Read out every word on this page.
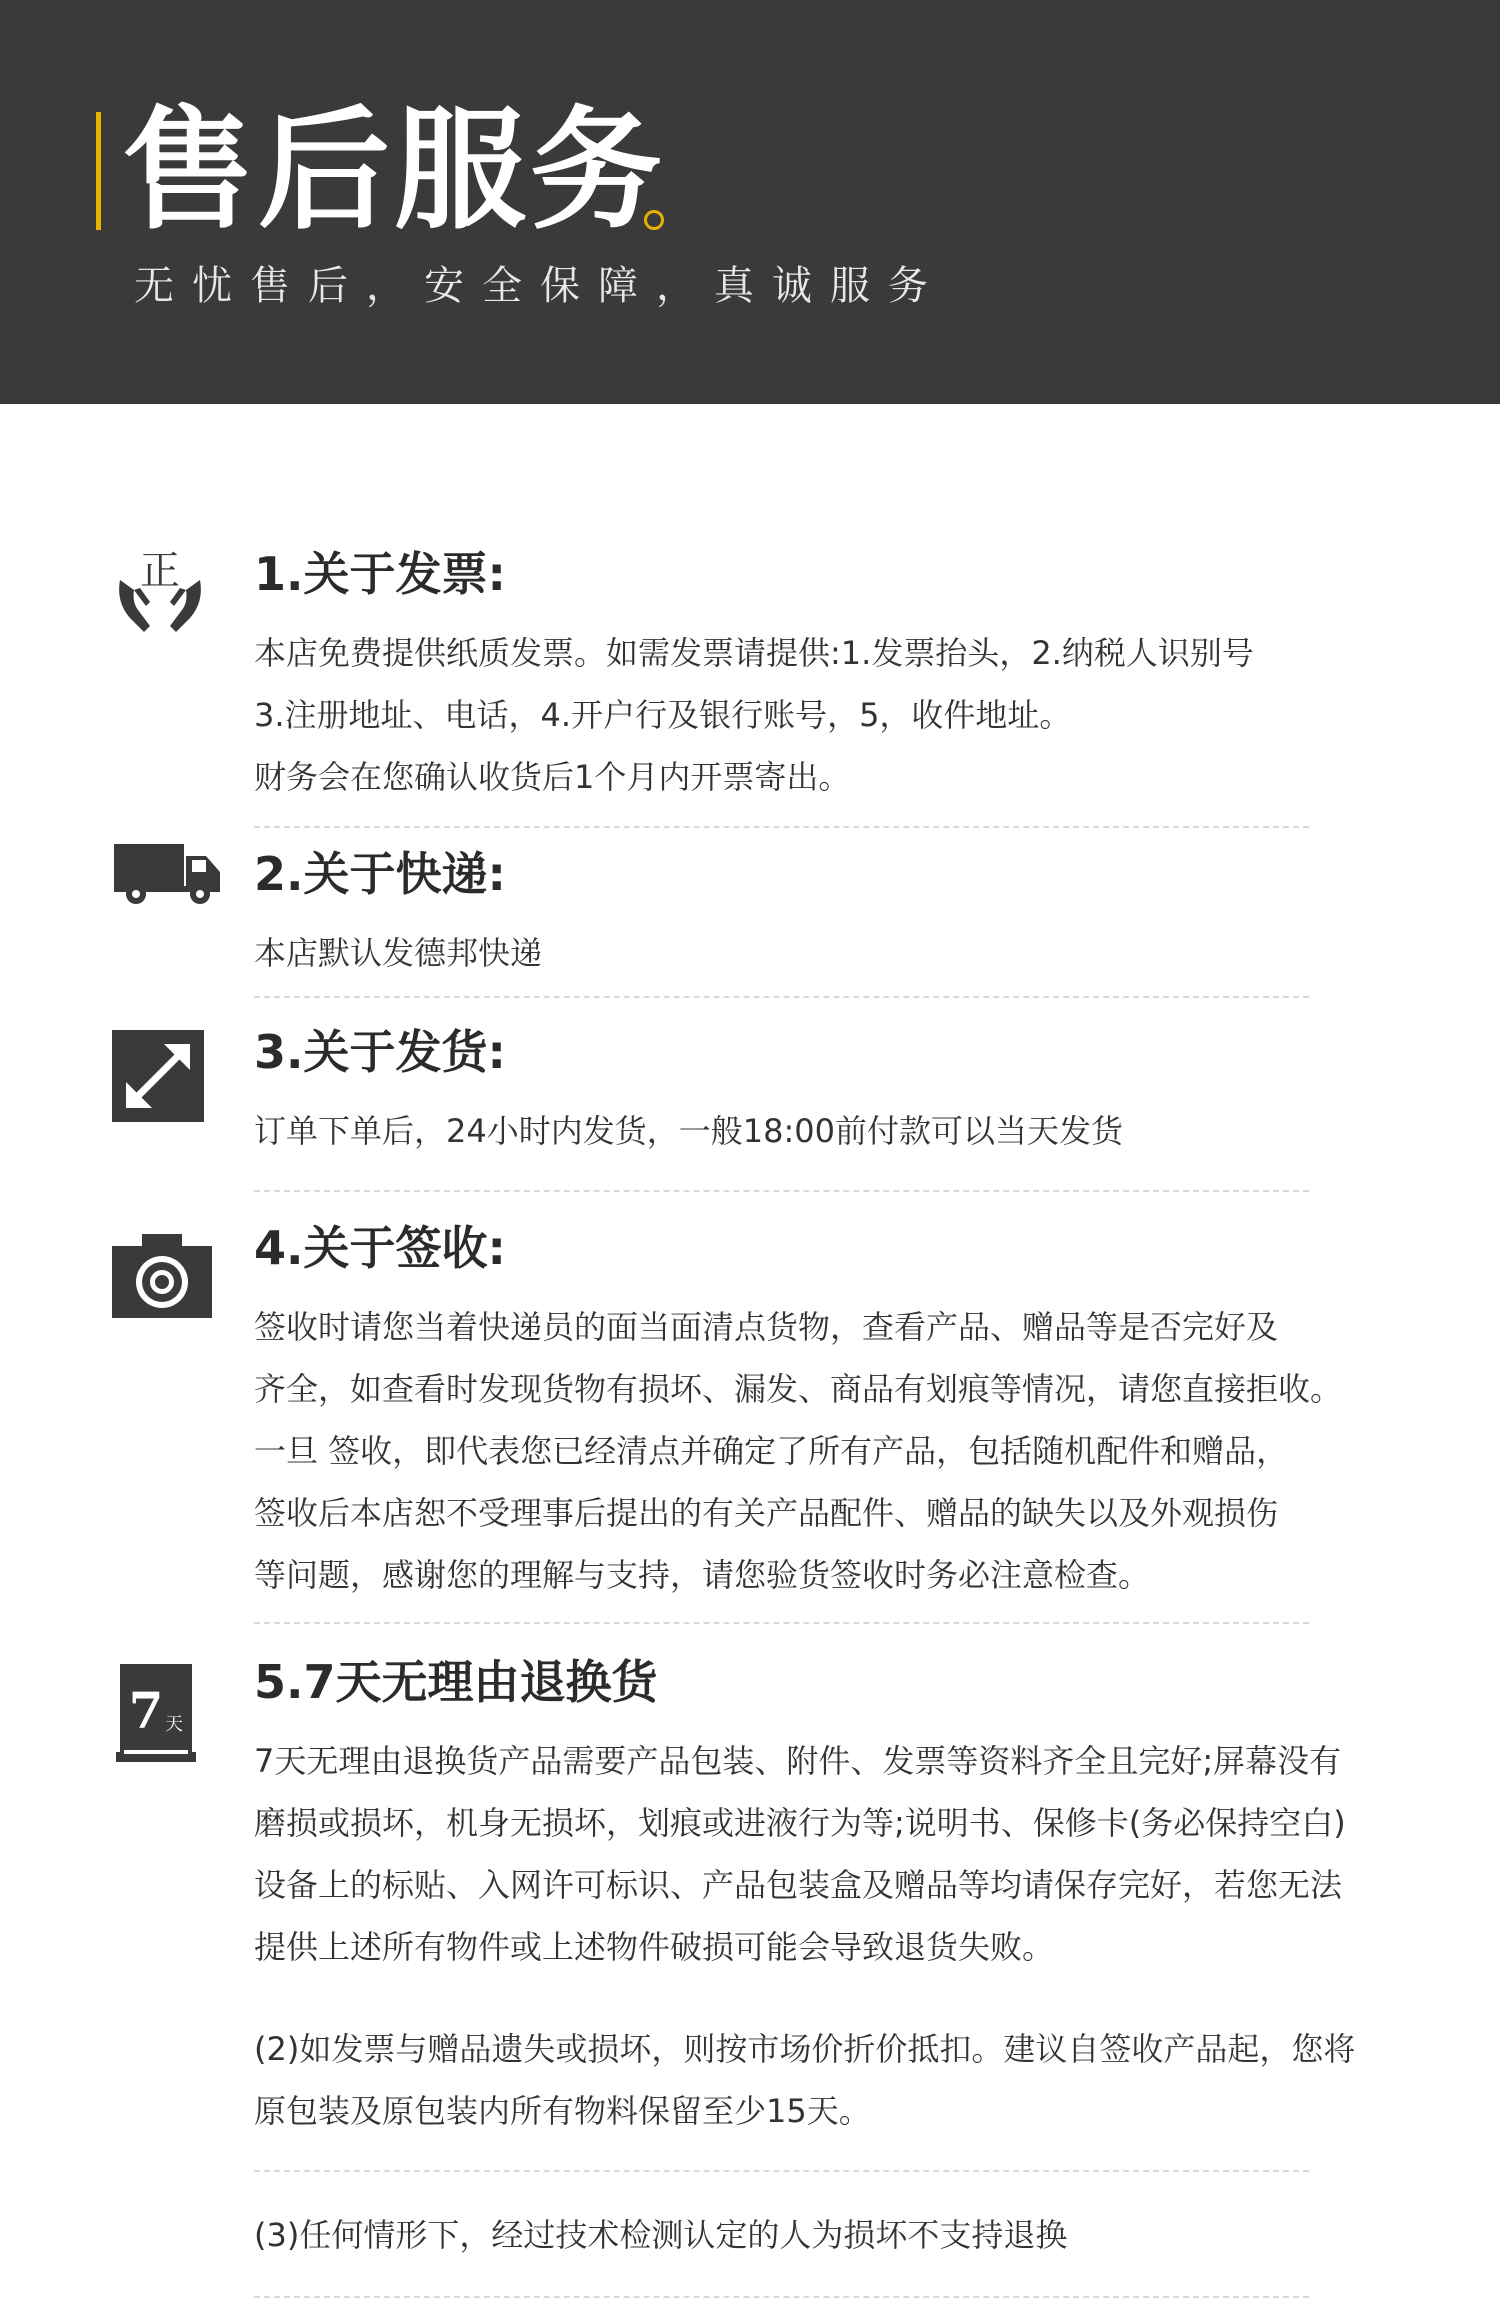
售后服务
无忧售后，安全保障，真诚服务
正 1.关于发票:
本店免费提供纸质发票。如需发票请提供:1.发票抬头，2.纳税人识别号
3.注册地址、电话，4.开户行及银行账号，5，收件地址。
财务会在您确认收货后1个月内开票寄出。
2.关于快递:
本店默认发德邦快递
3.关于发货:
订单下单后，24小时内发货，一般18:00前付款可以当天发货
4.关于签收:
签收时请您当着快递员的面当面清点货物，查看产品、赠品等是否完好及
齐全，如查看时发现货物有损坏、漏发、商品有划痕等情况，请您直接拒收。
一旦 签收，即代表您已经清点并确定了所有产品，包括随机配件和赠品，
签收后本店恕不受理事后提出的有关产品配件、赠品的缺失以及外观损伤
等问题，感谢您的理解与支持，请您验货签收时务必注意检查。
7 天
5.7天无理由退换货
7天无理由退换货产品需要产品包装、附件、发票等资料齐全且完好;屏幕没有
磨损或损坏，机身无损坏，划痕或进液行为等;说明书、保修卡(务必保持空白)
设备上的标贴、入网许可标识、产品包装盒及赠品等均请保存完好，若您无法
提供上述所有物件或上述物件破损可能会导致退货失败。
(2)如发票与赠品遗失或损坏，则按市场价折价抵扣。建议自签收产品起，您将
原包装及原包装内所有物料保留至少15天。
(3)任何情形下，经过技术检测认定的人为损坏不支持退换
